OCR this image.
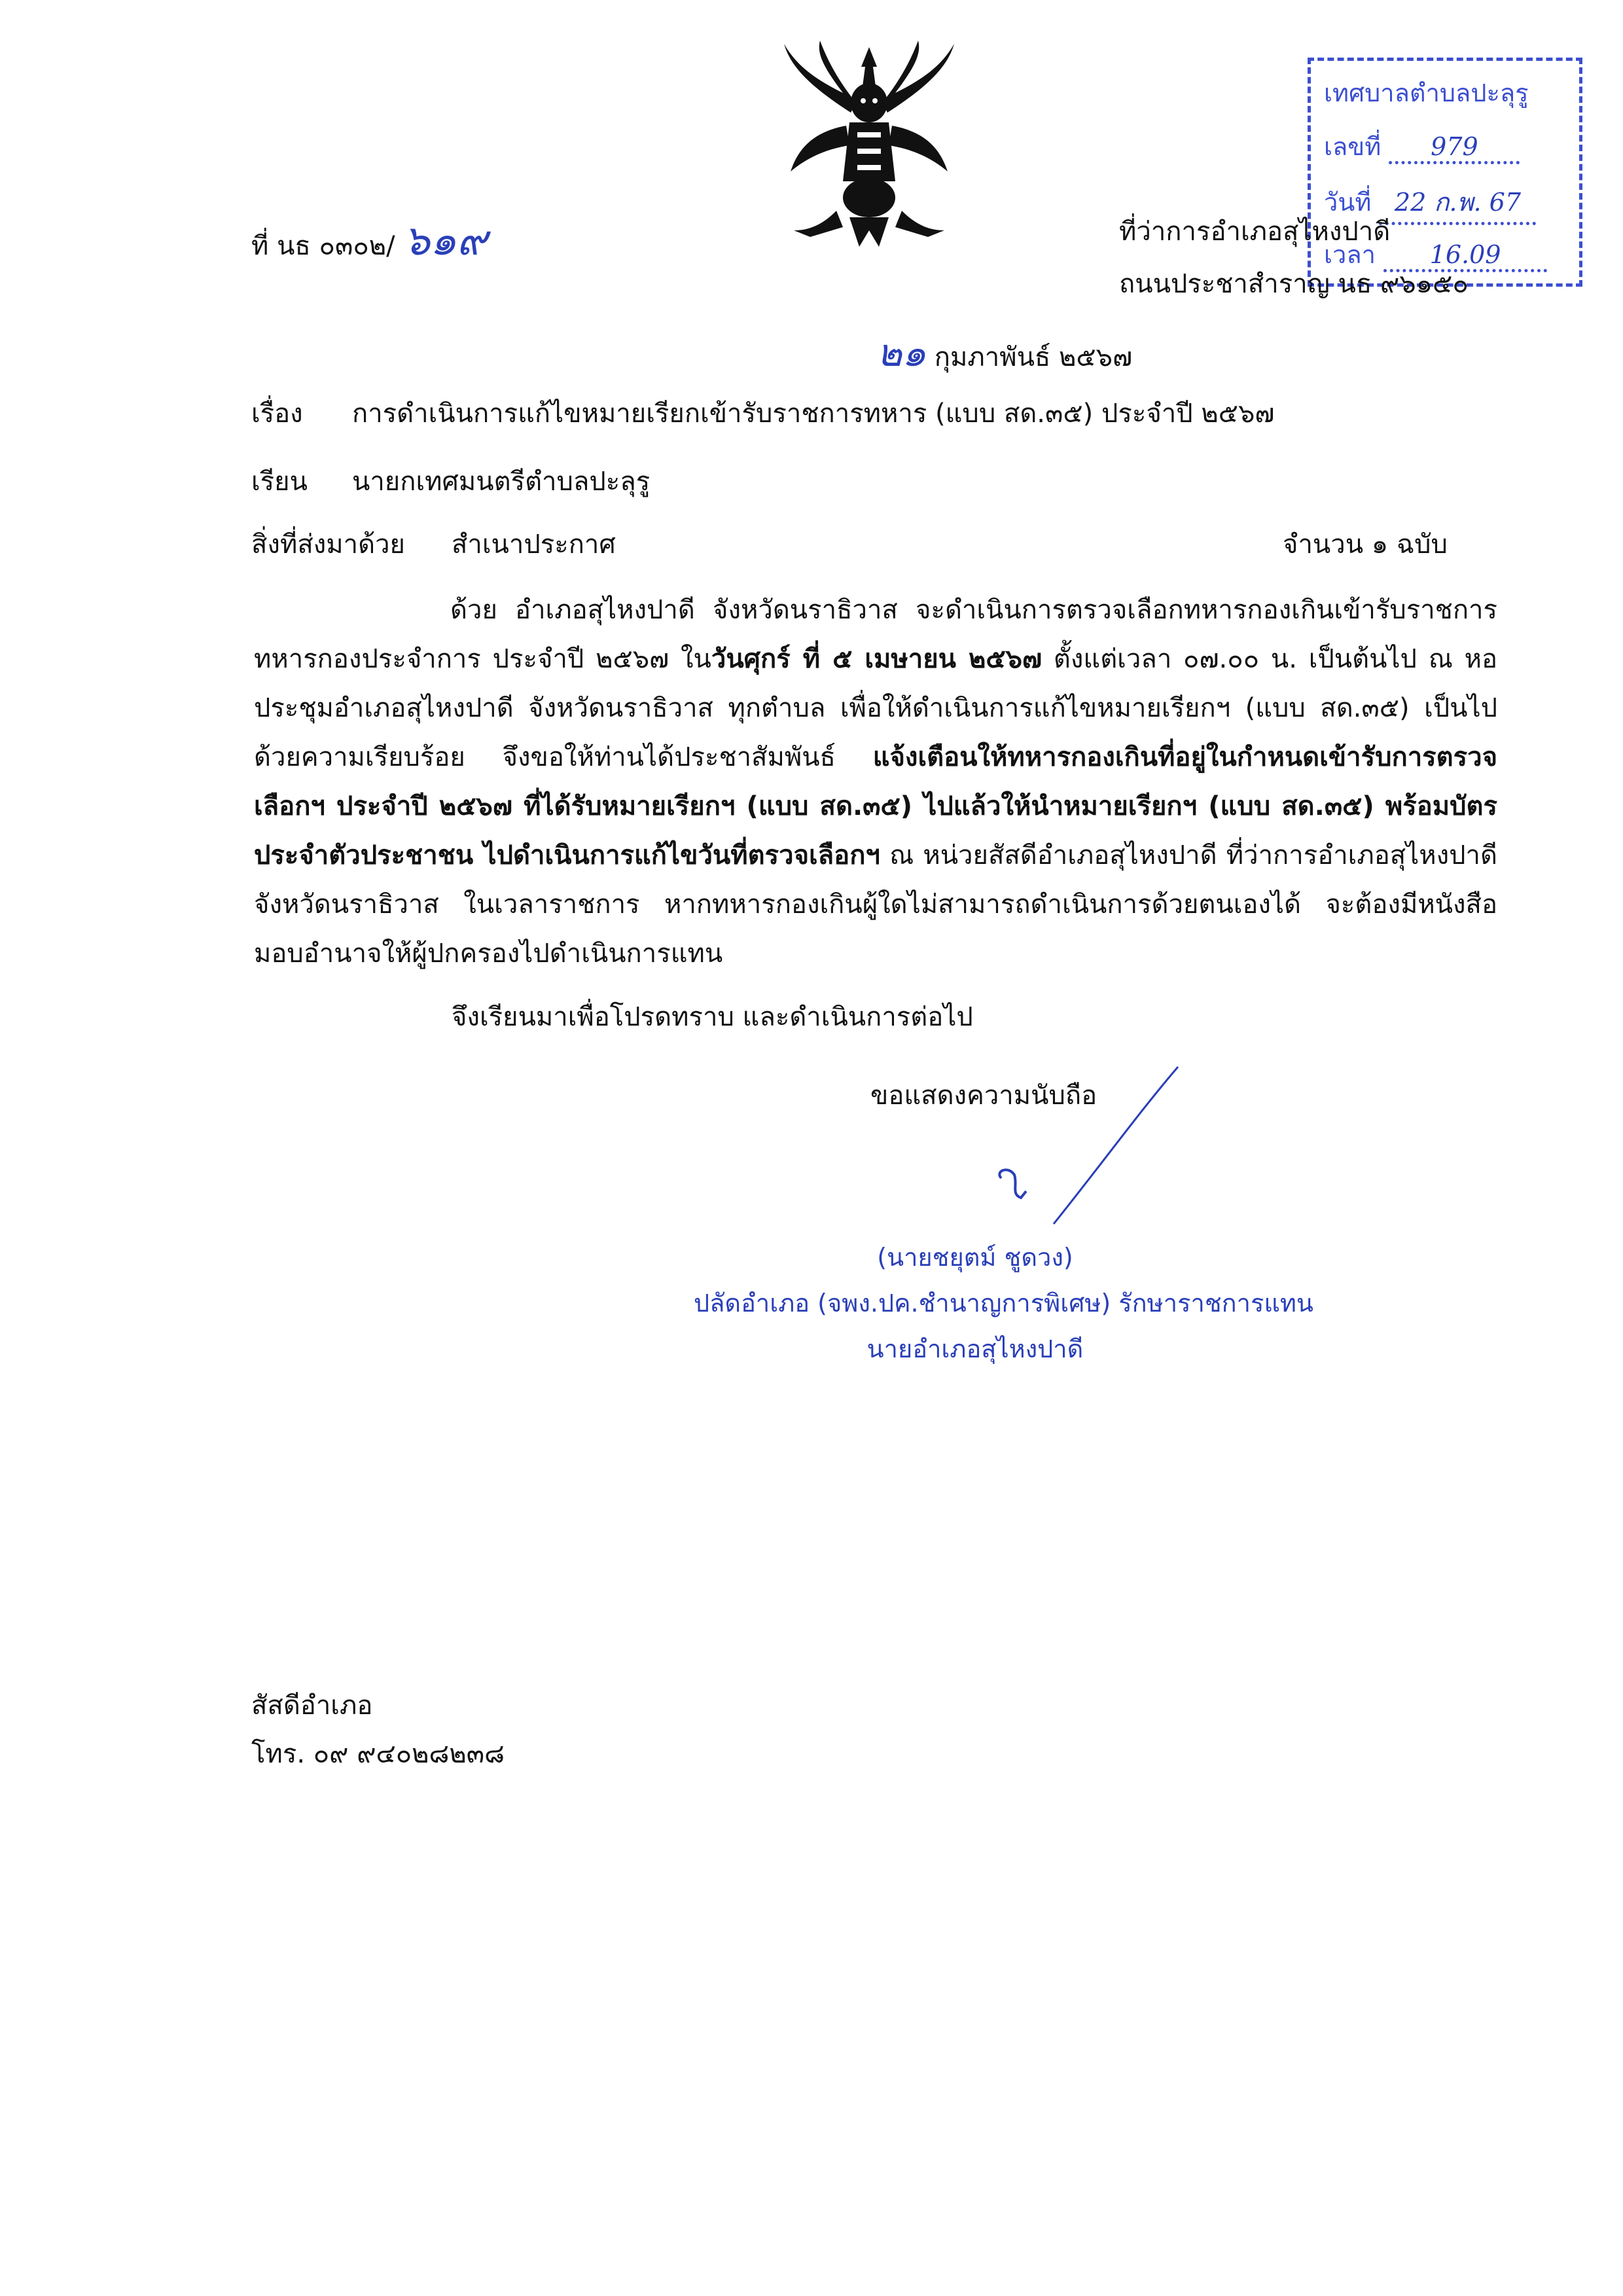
เทศบาลตำบลปะลุรู
เลขที่ 979
วันที่ 22 ก.พ. 67
เวลา 16.09
ที่ นธ ๐๓๐๒/ ๖๑๙	ที่ว่าการอำเภอสุไหงปาดี
ถนนประชาสำราญ นธ ๙๖๑๕๐
๒๑ กุมภาพันธ์ ๒๕๖๗
เรื่อง การดำเนินการแก้ไขหมายเรียกเข้ารับราชการทหาร (แบบ สด.๓๕) ประจำปี ๒๕๖๗
เรียน นายกเทศมนตรีตำบลปะลุรู
สิ่งที่ส่งมาด้วย สำเนาประกาศ	จำนวน ๑ ฉบับ
ด้วย อำเภอสุไหงปาดี จังหวัดนราธิวาส จะดำเนินการตรวจเลือกทหารกองเกินเข้ารับราชการทหารกองประจำการ ประจำปี ๒๕๖๗ ในวันศุกร์ ที่ ๕ เมษายน ๒๕๖๗ ตั้งแต่เวลา ๐๗.๐๐ น. เป็นต้นไป ณ หอประชุมอำเภอสุไหงปาดี จังหวัดนราธิวาส ทุกตำบล เพื่อให้ดำเนินการแก้ไขหมายเรียกฯ (แบบ สด.๓๕) เป็นไปด้วยความเรียบร้อย จึงขอให้ท่านได้ประชาสัมพันธ์ แจ้งเตือนให้ทหารกองเกินที่อยู่ในกำหนดเข้ารับการตรวจเลือกฯ ประจำปี ๒๕๖๗ ที่ได้รับหมายเรียกฯ (แบบ สด.๓๕) ไปแล้วให้นำหมายเรียกฯ (แบบ สด.๓๕) พร้อมบัตรประจำตัวประชาชน ไปดำเนินการแก้ไขวันที่ตรวจเลือกฯ ณ หน่วยสัสดีอำเภอสุไหงปาดี ที่ว่าการอำเภอสุไหงปาดี จังหวัดนราธิวาส ในเวลาราชการ หากทหารกองเกินผู้ใดไม่สามารถดำเนินการด้วยตนเองได้ จะต้องมีหนังสือมอบอำนาจให้ผู้ปกครองไปดำเนินการแทน
จึงเรียนมาเพื่อโปรดทราบ และดำเนินการต่อไป
ขอแสดงความนับถือ
(นายชยุตม์ ชูดวง)
ปลัดอำเภอ (จพง.ปค.ชำนาญการพิเศษ) รักษาราชการแทน
นายอำเภอสุไหงปาดี
สัสดีอำเภอ
โทร. ๐๙ ๙๔๐๒๘๒๓๘
